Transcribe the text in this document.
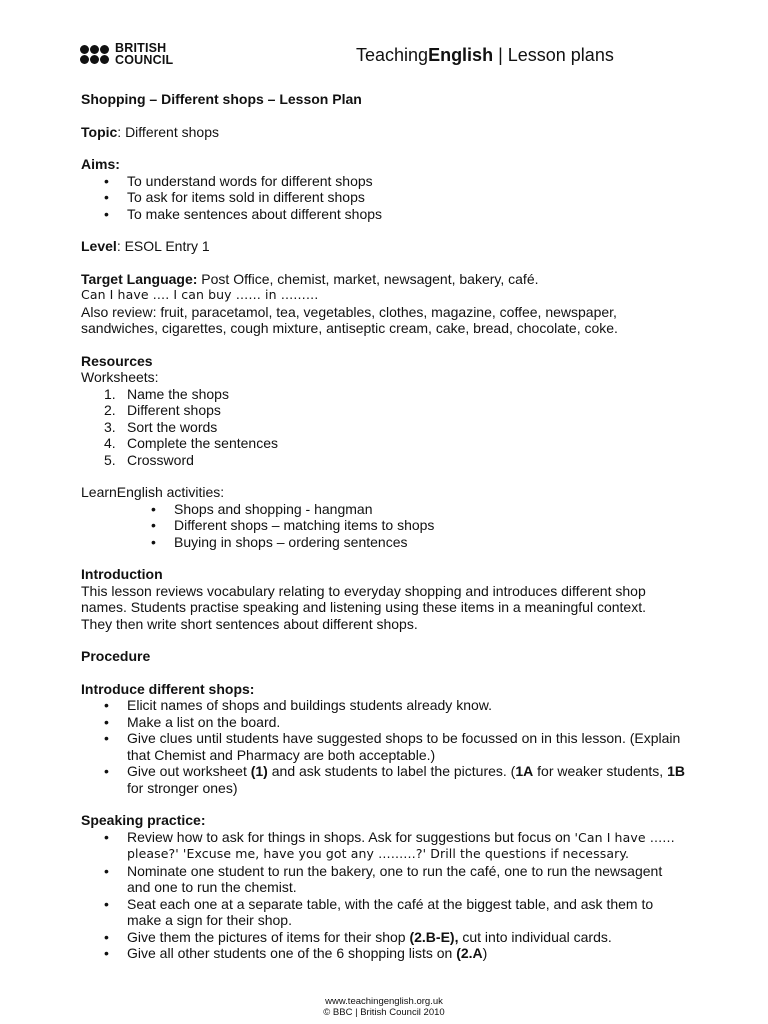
BRITISH
COUNCIL	TeachingEnglish | Lesson plans

Shopping – Different shops – Lesson Plan

Topic: Different shops

Aims:

• To understand words for different shops
• To ask for items sold in different shops
• To make sentences about different shops

Level: ESOL Entry 1

Target Language: Post Office, chemist, market, newsagent, bakery, café.

Can I have …. I can buy …… in ………

Also review: fruit, paracetamol, tea, vegetables, clothes, magazine, coffee, newspaper,

sandwiches, cigarettes, cough mixture, antiseptic cream, cake, bread, chocolate, coke.

Resources

Worksheets:

1. Name the shops
2. Different shops
3. Sort the words
4. Complete the sentences
5. Crossword

LearnEnglish activities:

• Shops and shopping - hangman
• Different shops – matching items to shops
• Buying in shops – ordering sentences

Introduction

This lesson reviews vocabulary relating to everyday shopping and introduces different shop

names. Students practise speaking and listening using these items in a meaningful context.

They then write short sentences about different shops.

Procedure

Introduce different shops:

• Elicit names of shops and buildings students already know.
• Make a list on the board.
• Give clues until students have suggested shops to be focussed on in this lesson. (Explain
that Chemist and Pharmacy are both acceptable.)
• Give out worksheet (1) and ask students to label the pictures. (1A for weaker students, 1B
for stronger ones)

Speaking practice:

• Review how to ask for things in shops. Ask for suggestions but focus on 'Can I have ……
please?' 'Excuse me, have you got any ………?' Drill the questions if necessary.
• Nominate one student to run the bakery, one to run the café, one to run the newsagent
and one to run the chemist.
• Seat each one at a separate table, with the café at the biggest table, and ask them to
make a sign for their shop.
• Give them the pictures of items for their shop (2.B-E), cut into individual cards.
• Give all other students one of the 6 shopping lists on (2.A)
www.teachingenglish.org.uk
© BBC | British Council 2010
